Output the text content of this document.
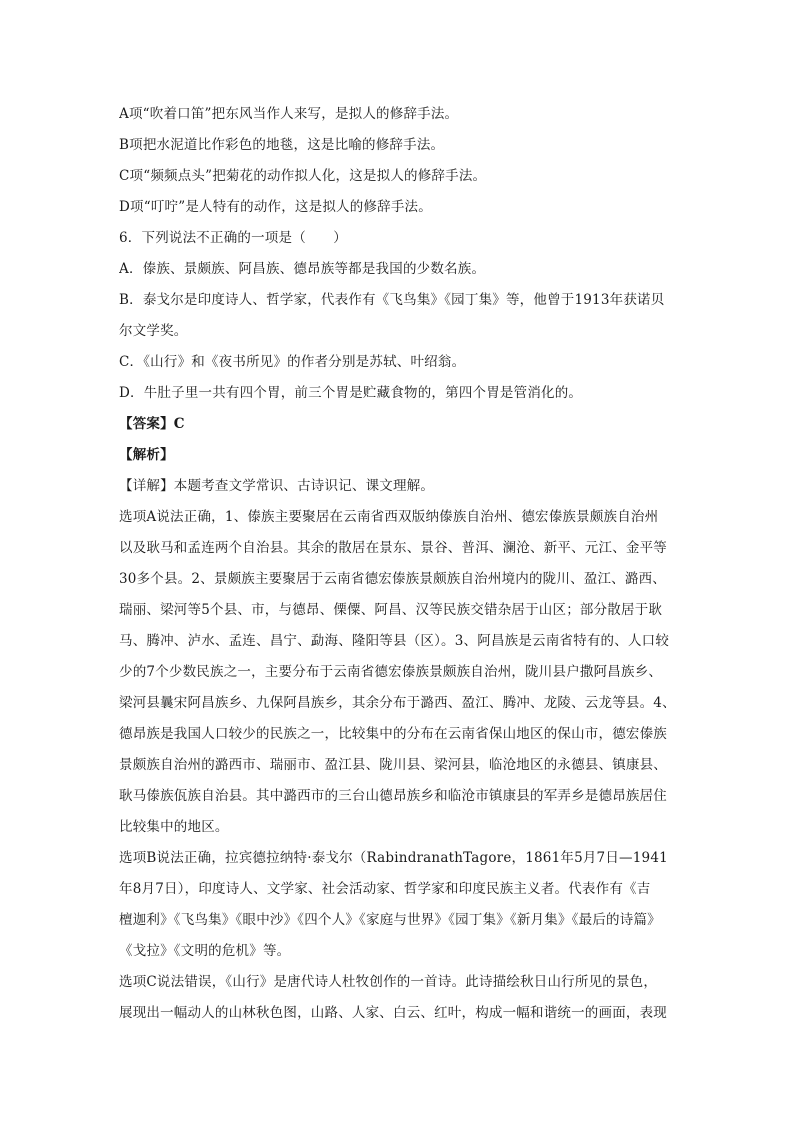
A项“吹着口笛”把东风当作人来写，是拟人的修辞手法。
B项把水泥道比作彩色的地毯，这是比喻的修辞手法。
C项“频频点头”把菊花的动作拟人化，这是拟人的修辞手法。
D项“叮咛”是人特有的动作，这是拟人的修辞手法。
6．下列说法不正确的一项是（　　）
A．傣族、景颇族、阿昌族、德昂族等都是我国的少数名族。
B．泰戈尔是印度诗人、哲学家，代表作有《飞鸟集》《园丁集》等，他曾于1913年获诺贝
尔文学奖。
C．《山行》和《夜书所见》的作者分别是苏轼、叶绍翁。
D．牛肚子里一共有四个胃，前三个胃是贮藏食物的，第四个胃是管消化的。
【答案】C
【解析】
【详解】本题考查文学常识、古诗识记、课文理解。
选项A说法正确，1、傣族主要聚居在云南省西双版纳傣族自治州、德宏傣族景颇族自治州
以及耿马和孟连两个自治县。其余的散居在景东、景谷、普洱、澜沧、新平、元江、金平等
30多个县。2、景颇族主要聚居于云南省德宏傣族景颇族自治州境内的陇川、盈江、潞西、
瑞丽、梁河等5个县、市，与德昂、傈僳、阿昌、汉等民族交错杂居于山区；部分散居于耿
马、腾冲、泸水、孟连、昌宁、勐海、隆阳等县（区）。3、阿昌族是云南省特有的、人口较
少的7个少数民族之一，主要分布于云南省德宏傣族景颇族自治州，陇川县户撒阿昌族乡、
梁河县曩宋阿昌族乡、九保阿昌族乡，其余分布于潞西、盈江、腾冲、龙陵、云龙等县。4、
德昂族是我国人口较少的民族之一，比较集中的分布在云南省保山地区的保山市，德宏傣族
景颇族自治州的潞西市、瑞丽市、盈江县、陇川县、梁河县，临沧地区的永德县、镇康县、
耿马傣族佤族自治县。其中潞西市的三台山德昂族乡和临沧市镇康县的军弄乡是德昂族居住
比较集中的地区。
选项B说法正确，拉宾德拉纳特·泰戈尔（RabindranathTagore，1861年5月7日—1941
年8月7日），印度诗人、文学家、社会活动家、哲学家和印度民族主义者。代表作有《吉
檀迦利》《飞鸟集》《眼中沙》《四个人》《家庭与世界》《园丁集》《新月集》《最后的诗篇》
《戈拉》《文明的危机》等。
选项C说法错误，《山行》是唐代诗人杜牧创作的一首诗。此诗描绘秋日山行所见的景色，
展现出一幅动人的山林秋色图，山路、人家、白云、红叶，构成一幅和谐统一的画面，表现
